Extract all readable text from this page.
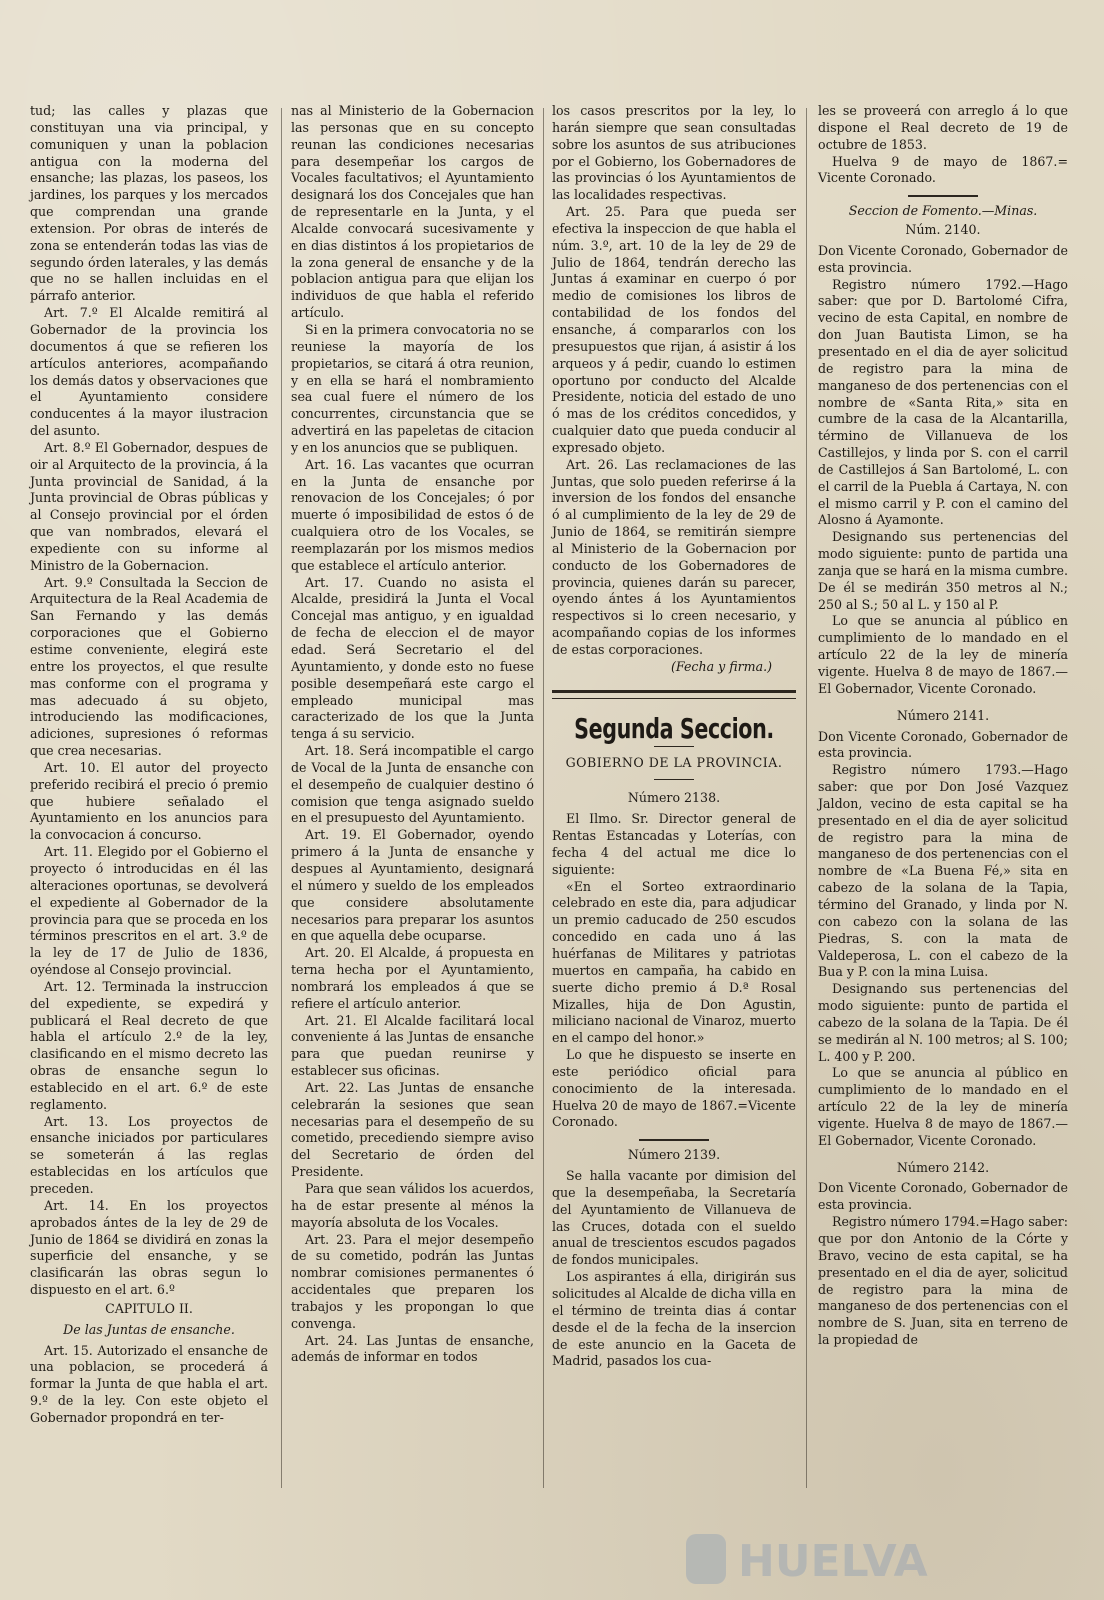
tud; las calles y plazas que constituyan una via principal, y comuniquen y unan la poblacion antigua con la moderna del ensanche; las plazas, los paseos, los jardines, los parques y los mercados que comprendan una grande extension. Por obras de interés de zona se entenderán todas las vias de segundo órden laterales, y las demás que no se hallen incluidas en el párrafo anterior.

Art. 7.º El Alcalde remitirá al Gobernador de la provincia los documentos á que se refieren los artículos anteriores, acompañando los demás datos y observaciones que el Ayuntamiento considere conducentes á la mayor ilustracion del asunto.

Art. 8.º El Gobernador, despues de oir al Arquitecto de la provincia, á la Junta provincial de Sanidad, á la Junta provincial de Obras públicas y al Consejo provincial por el órden que van nombrados, elevará el expediente con su informe al Ministro de la Gobernacion.

Art. 9.º Consultada la Seccion de Arquitectura de la Real Academia de San Fernando y las demás corporaciones que el Gobierno estime conveniente, elegirá este entre los proyectos, el que resulte mas conforme con el programa y mas adecuado á su objeto, introduciendo las modificaciones, adiciones, supresiones ó reformas que crea necesarias.

Art. 10. El autor del proyecto preferido recibirá el precio ó premio que hubiere señalado el Ayuntamiento en los anuncios para la convocacion á concurso.

Art. 11. Elegido por el Gobierno el proyecto ó introducidas en él las alteraciones oportunas, se devolverá el expediente al Gobernador de la provincia para que se proceda en los términos prescritos en el art. 3.º de la ley de 17 de Julio de 1836, oyéndose al Consejo provincial.

Art. 12. Terminada la instruccion del expediente, se expedirá y publicará el Real decreto de que habla el artículo 2.º de la ley, clasificando en el mismo decreto las obras de ensanche segun lo establecido en el art. 6.º de este reglamento.

Art. 13. Los proyectos de ensanche iniciados por particulares se someterán á las reglas establecidas en los artículos que preceden.

Art. 14. En los proyectos aprobados ántes de la ley de 29 de Junio de 1864 se dividirá en zonas la superficie del ensanche, y se clasificarán las obras segun lo dispuesto en el art. 6.º

CAPITULO II.

De las Juntas de ensanche.

Art. 15. Autorizado el ensanche de una poblacion, se procederá á formar la Junta de que habla el art. 9.º de la ley. Con este objeto el Gobernador propondrá en ter-

nas al Ministerio de la Gobernacion las personas que en su concepto reunan las condiciones necesarias para desempeñar los cargos de Vocales facultativos; el Ayuntamiento designará los dos Concejales que han de representarle en la Junta, y el Alcalde convocará sucesivamente y en dias distintos á los propietarios de la zona general de ensanche y de la poblacion antigua para que elijan los individuos de que habla el referido artículo.

Si en la primera convocatoria no se reuniese la mayoría de los propietarios, se citará á otra reunion, y en ella se hará el nombramiento sea cual fuere el número de los concurrentes, circunstancia que se advertirá en las papeletas de citacion y en los anuncios que se publiquen.

Art. 16. Las vacantes que ocurran en la Junta de ensanche por renovacion de los Concejales; ó por muerte ó imposibilidad de estos ó de cualquiera otro de los Vocales, se reemplazarán por los mismos medios que establece el artículo anterior.

Art. 17. Cuando no asista el Alcalde, presidirá la Junta el Vocal Concejal mas antiguo, y en igualdad de fecha de eleccion el de mayor edad. Será Secretario el del Ayuntamiento, y donde esto no fuese posible desempeñará este cargo el empleado municipal mas caracterizado de los que la Junta tenga á su servicio.

Art. 18. Será incompatible el cargo de Vocal de la Junta de ensanche con el desempeño de cualquier destino ó comision que tenga asignado sueldo en el presupuesto del Ayuntamiento.

Art. 19. El Gobernador, oyendo primero á la Junta de ensanche y despues al Ayuntamiento, designará el número y sueldo de los empleados que considere absolutamente necesarios para preparar los asuntos en que aquella debe ocuparse.

Art. 20. El Alcalde, á propuesta en terna hecha por el Ayuntamiento, nombrará los empleados á que se refiere el artículo anterior.

Art. 21. El Alcalde facilitará local conveniente á las Juntas de ensanche para que puedan reunirse y establecer sus oficinas.

Art. 22. Las Juntas de ensanche celebrarán la sesiones que sean necesarias para el desempeño de su cometido, precediendo siempre aviso del Secretario de órden del Presidente.

Para que sean válidos los acuerdos, ha de estar presente al ménos la mayoría absoluta de los Vocales.

Art. 23. Para el mejor desempeño de su cometido, podrán las Juntas nombrar comisiones permanentes ó accidentales que preparen los trabajos y les propongan lo que convenga.

Art. 24. Las Juntas de ensanche, además de informar en todos

los casos prescritos por la ley, lo harán siempre que sean consultadas sobre los asuntos de sus atribuciones por el Gobierno, los Gobernadores de las provincias ó los Ayuntamientos de las localidades respectivas.

Art. 25. Para que pueda ser efectiva la inspeccion de que habla el núm. 3.º, art. 10 de la ley de 29 de Julio de 1864, tendrán derecho las Juntas á examinar en cuerpo ó por medio de comisiones los libros de contabilidad de los fondos del ensanche, á compararlos con los presupuestos que rijan, á asistir á los arqueos y á pedir, cuando lo estimen oportuno por conducto del Alcalde Presidente, noticia del estado de uno ó mas de los créditos concedidos, y cualquier dato que pueda conducir al expresado objeto.

Art. 26. Las reclamaciones de las Juntas, que solo pueden referirse á la inversion de los fondos del ensanche ó al cumplimiento de la ley de 29 de Junio de 1864, se remitirán siempre al Ministerio de la Gobernacion por conducto de los Gobernadores de provincia, quienes darán su parecer, oyendo ántes á los Ayuntamientos respectivos si lo creen necesario, y acompañando copias de los informes de estas corporaciones.

(Fecha y firma.)

Segunda Seccion.

GOBIERNO DE LA PROVINCIA.

Número 2138.

El Ilmo. Sr. Director general de Rentas Estancadas y Loterías, con fecha 4 del actual me dice lo siguiente:

«En el Sorteo extraordinario celebrado en este dia, para adjudicar un premio caducado de 250 escudos concedido en cada uno á las huérfanas de Militares y patriotas muertos en campaña, ha cabido en suerte dicho premio á D.ª Rosal Mizalles, hija de Don Agustin, miliciano nacional de Vinaroz, muerto en el campo del honor.»

Lo que he dispuesto se inserte en este periódico oficial para conocimiento de la interesada. Huelva 20 de mayo de 1867.=Vicente Coronado.

Número 2139.

Se halla vacante por dimision del que la desempeñaba, la Secretaría del Ayuntamiento de Villanueva de las Cruces, dotada con el sueldo anual de trescientos escudos pagados de fondos municipales.

Los aspirantes á ella, dirigirán sus solicitudes al Alcalde de dicha villa en el término de treinta dias á contar desde el de la fecha de la insercion de este anuncio en la Gaceta de Madrid, pasados los cua-

les se proveerá con arreglo á lo que dispone el Real decreto de 19 de octubre de 1853.

Huelva 9 de mayo de 1867.= Vicente Coronado.

Seccion de Fomento.—Minas.

Núm. 2140.

Don Vicente Coronado, Gobernador de esta provincia.

Registro número 1792.—Hago saber: que por D. Bartolomé Cifra, vecino de esta Capital, en nombre de don Juan Bautista Limon, se ha presentado en el dia de ayer solicitud de registro para la mina de manganeso de dos pertenencias con el nombre de «Santa Rita,» sita en cumbre de la casa de la Alcantarilla, término de Villanueva de los Castillejos, y linda por S. con el carril de Castillejos á San Bartolomé, L. con el carril de la Puebla á Cartaya, N. con el mismo carril y P. con el camino del Alosno á Ayamonte.

Designando sus pertenencias del modo siguiente: punto de partida una zanja que se hará en la misma cumbre. De él se medirán 350 metros al N.; 250 al S.; 50 al L. y 150 al P.

Lo que se anuncia al público en cumplimiento de lo mandado en el artículo 22 de la ley de minería vigente. Huelva 8 de mayo de 1867.—El Gobernador, Vicente Coronado.

Número 2141.

Don Vicente Coronado, Gobernador de esta provincia.

Registro número 1793.—Hago saber: que por Don José Vazquez Jaldon, vecino de esta capital se ha presentado en el dia de ayer solicitud de registro para la mina de manganeso de dos pertenencias con el nombre de «La Buena Fé,» sita en cabezo de la solana de la Tapia, término del Granado, y linda por N. con cabezo con la solana de las Piedras, S. con la mata de Valdeperosa, L. con el cabezo de la Bua y P. con la mina Luisa.

Designando sus pertenencias del modo siguiente: punto de partida el cabezo de la solana de la Tapia. De él se medirán al N. 100 metros; al S. 100; L. 400 y P. 200.

Lo que se anuncia al público en cumplimiento de lo mandado en el artículo 22 de la ley de minería vigente. Huelva 8 de mayo de 1867.—El Gobernador, Vicente Coronado.

Número 2142.

Don Vicente Coronado, Gobernador de esta provincia.

Registro número 1794.=Hago saber: que por don Antonio de la Córte y Bravo, vecino de esta capital, se ha presentado en el dia de ayer, solicitud de registro para la mina de manganeso de dos pertenencias con el nombre de S. Juan, sita en terreno de la propiedad de

HUELVA
